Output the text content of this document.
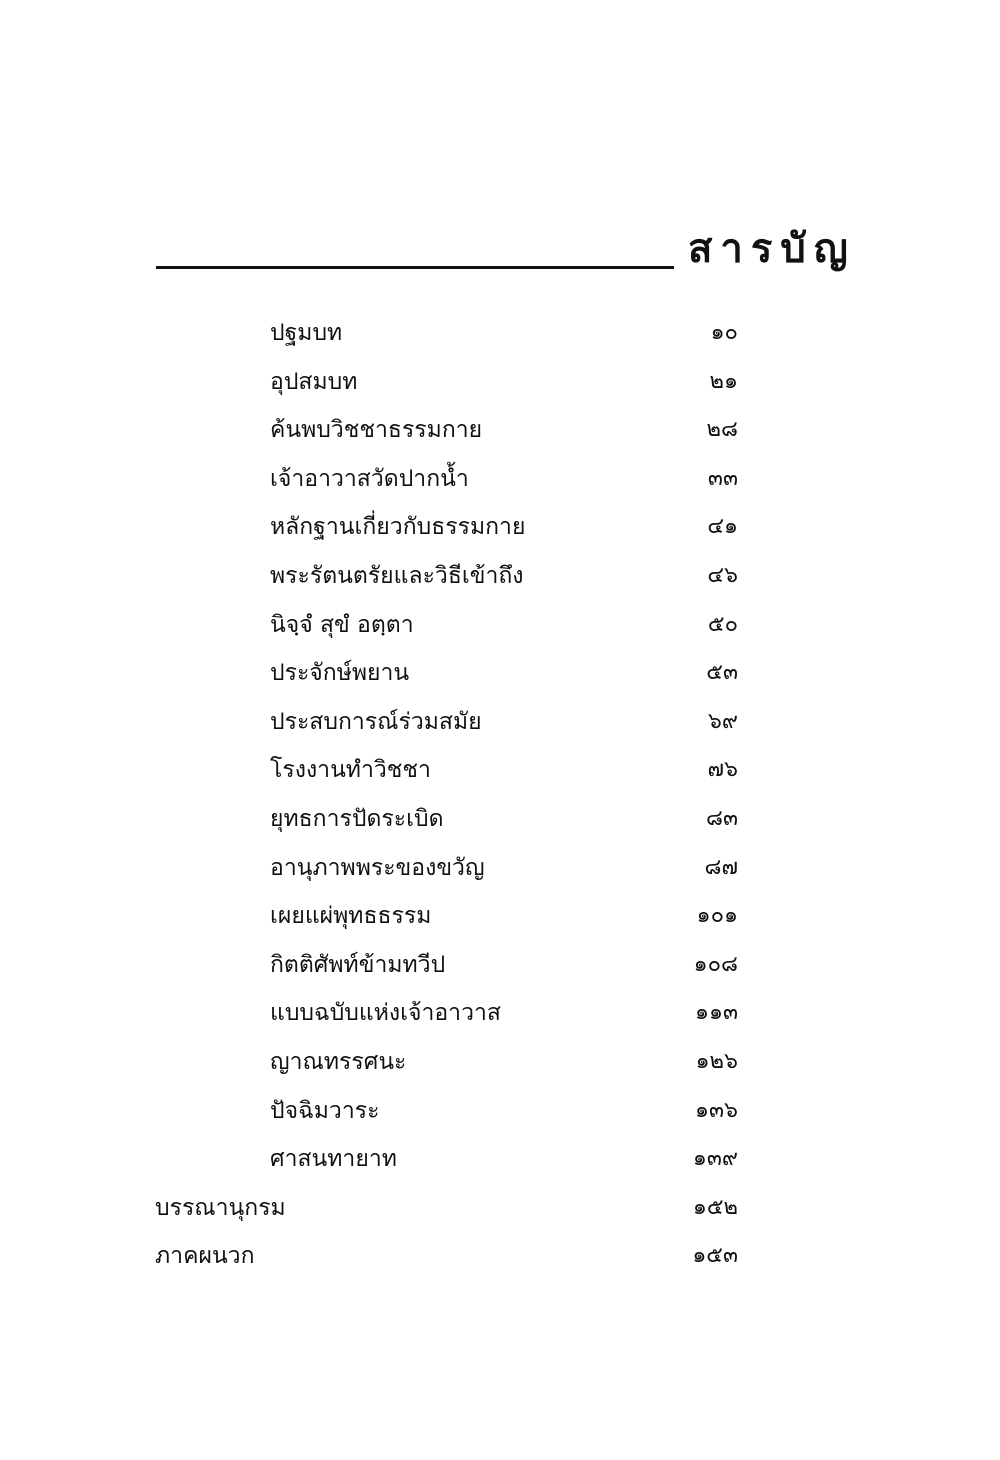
สารบัญ
ปฐมบท	๑๐
อุปสมบท	๒๑
ค้นพบวิชชาธรรมกาย	๒๘
เจ้าอาวาสวัดปากน้ำ	๓๓
หลักฐานเกี่ยวกับธรรมกาย	๔๑
พระรัตนตรัยและวิธีเข้าถึง	๔๖
นิจฺจํ สุขํ อตฺตา	๕๐
ประจักษ์พยาน	๕๓
ประสบการณ์ร่วมสมัย	๖๙
โรงงานทำวิชชา	๗๖
ยุทธการปัดระเบิด	๘๓
อานุภาพพระของขวัญ	๘๗
เผยแผ่พุทธธรรม	๑๐๑
กิตติศัพท์ข้ามทวีป	๑๐๘
แบบฉบับแห่งเจ้าอาวาส	๑๑๓
ญาณทรรศนะ	๑๒๖
ปัจฉิมวาระ	๑๓๖
ศาสนทายาท	๑๓๙
บรรณานุกรม	๑๕๒
ภาคผนวก	๑๕๓
